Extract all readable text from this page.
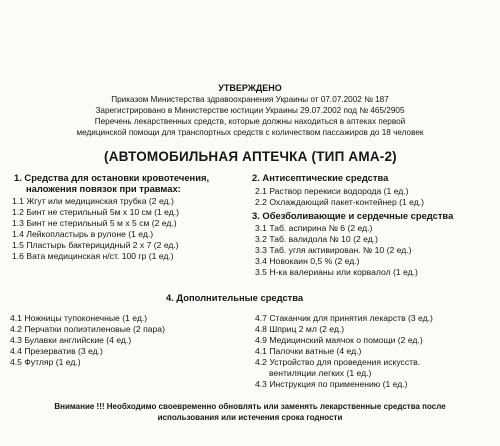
УТВЕРЖДЕНО
Приказом Министерства здравоохранения Украины от 07.07.2002 № 187
Зарегистрировано в Министерстве юстиции Украины 29.07.2002 под № 465/2905
Перечень лекарственных средств, которые должны находиться в аптеках первой
медицинской помощи для транспортных средств с количеством пассажиров до 18 человек
(АВТОМОБИЛЬНАЯ АПТЕЧКА (ТИП АМА-2)
1. Средства для остановки кровотечения,
наложения повязок при травмах:
1.1 Жгут или медицинская трубка (2 ед.)
1.2 Бинт не стерильный 5м х 10 см (1 ед.)
1.3 Бинт не стерильный 5 м х 5 см (2 ед.)
1.4 Лейкопластырь в рулоне (1 ед.)
1.5 Пластырь бактерицидный 2 х 7 (2 ед.)
1.6 Вата медицинская н/ст. 100 гр (1 ед.)
2. Антисептические средства
2.1 Раствор перекиси водорода (1 ед.)
2.2 Охлаждающий пакет-контейнер (1 ед.)
3. Обезболивающие и сердечные средства
3.1 Таб. аспирина № 6 (2 ед.)
3.2 Таб. валидола № 10 (2 ед.)
3.3 Таб. угля активирован. № 10 (2 ед.)
3.4 Новокаин 0,5 % (2 ед.)
3.5 Н-ка валерианы или корвалол (1 ед.)
4. Дополнительные средства
4.1 Ножницы тупоконечные (1 ед.)
4.2 Перчатки полиэтиленовые (2 пара)
4.3 Булавки английские (4 ед.)
4.4 Презерватив (3 ед.)
4.5 Футляр (1 ед.)
4.7 Стаканчик для принятия лекарств (3 ед.)
4.8 Шприц 2 мл (2 ед.)
4.9 Медицинский маячок о помощи (2 ед.)
4.1 Палочки ватные (4 ед.)
4.2 Устройство для проведения искусств.
вентиляции легких (1 ед.)
4.3 Инструкция по применению (1 ед.)
Внимание !!! Необходимо своевременно обновлять или заменять лекарственные средства после
использования или истечения срока годности
